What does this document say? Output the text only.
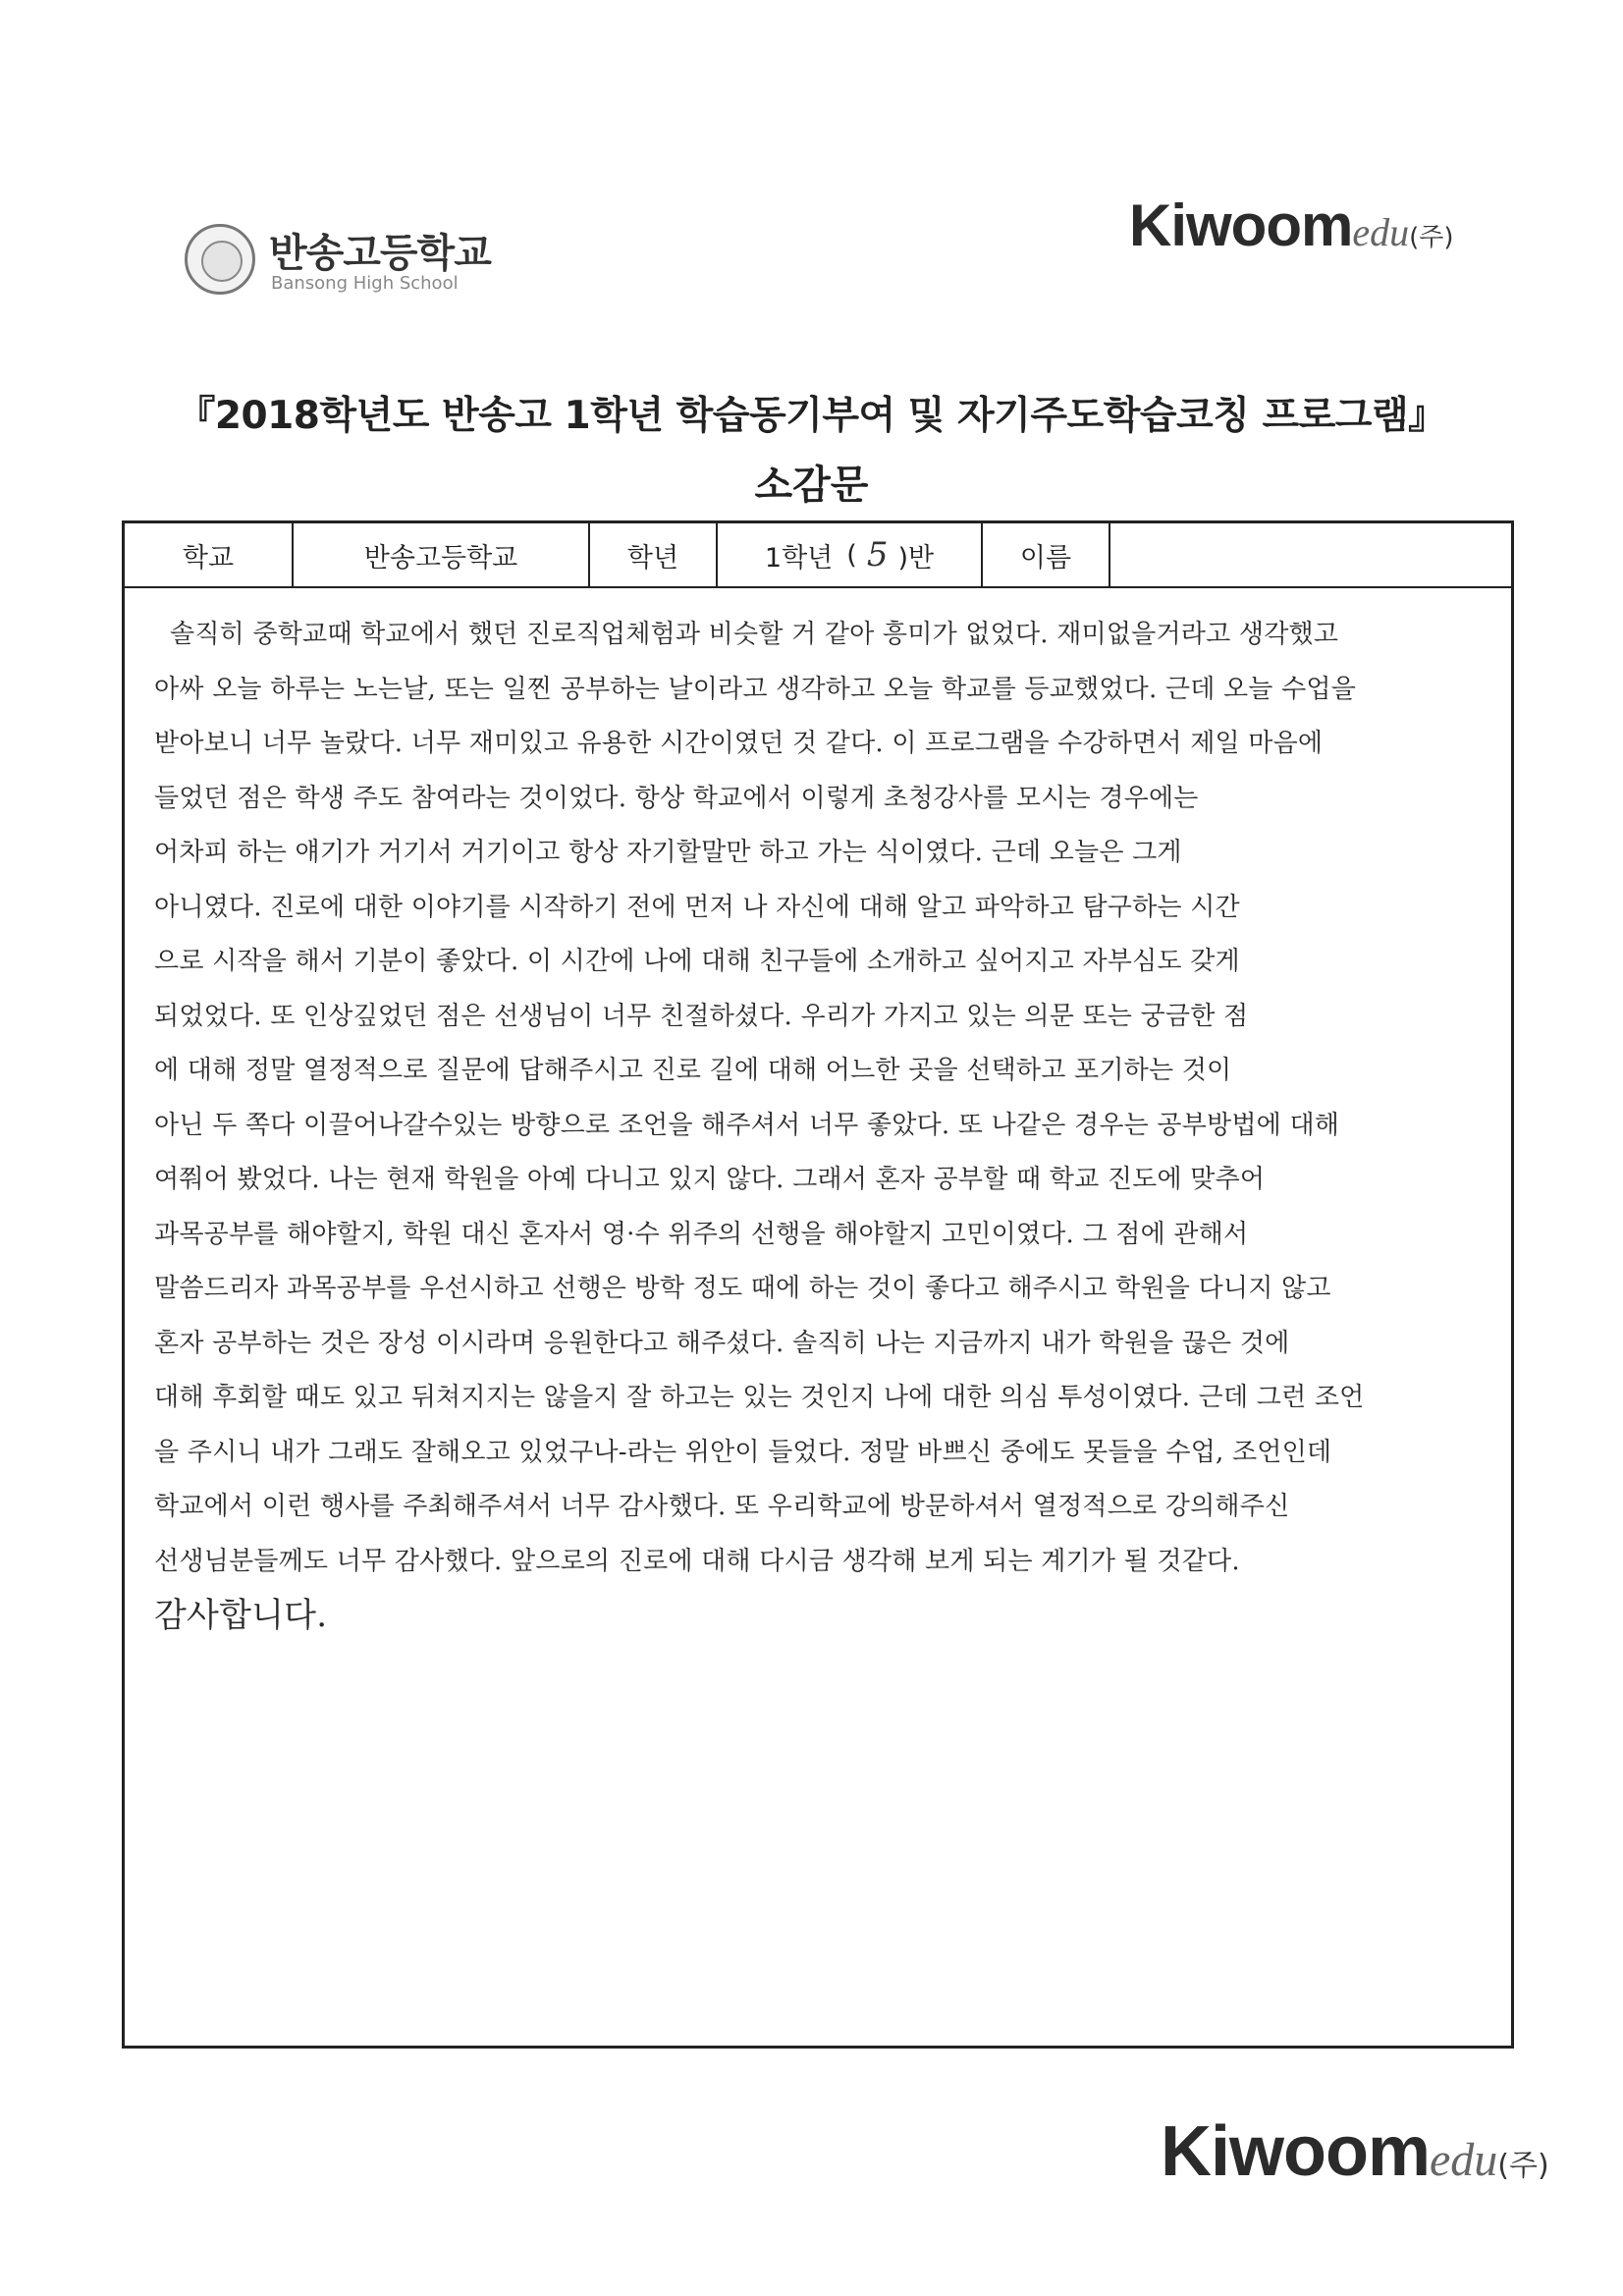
반송고등학교
Bansong High School
Kiwoomedu(주)
『2018학년도 반송고 1학년 학습동기부여 및 자기주도학습코칭 프로그램』
소감문
학교	반송고등학교	학년	1학년 ( 5 )반	이름
솔직히 중학교때 학교에서 했던 진로직업체험과 비슷할 거 같아 흥미가 없었다. 재미없을거라고 생각했고
아싸 오늘 하루는 노는날, 또는 일찐 공부하는 날이라고 생각하고 오늘 학교를 등교했었다. 근데 오늘 수업을
받아보니 너무 놀랐다. 너무 재미있고 유용한 시간이였던 것 같다. 이 프로그램을 수강하면서 제일 마음에
들었던 점은 학생 주도 참여라는 것이었다. 항상 학교에서 이렇게 초청강사를 모시는 경우에는
어차피 하는 얘기가 거기서 거기이고 항상 자기할말만 하고 가는 식이였다. 근데 오늘은 그게
아니였다. 진로에 대한 이야기를 시작하기 전에 먼저 나 자신에 대해 알고 파악하고 탐구하는 시간
으로 시작을 해서 기분이 좋았다. 이 시간에 나에 대해 친구들에 소개하고 싶어지고 자부심도 갖게
되었었다. 또 인상깊었던 점은 선생님이 너무 친절하셨다. 우리가 가지고 있는 의문 또는 궁금한 점
에 대해 정말 열정적으로 질문에 답해주시고 진로 길에 대해 어느한 곳을 선택하고 포기하는 것이
아닌 두 쪽다 이끌어나갈수있는 방향으로 조언을 해주셔서 너무 좋았다. 또 나같은 경우는 공부방법에 대해
여쭤어 봤었다. 나는 현재 학원을 아예 다니고 있지 않다. 그래서 혼자 공부할 때 학교 진도에 맞추어
과목공부를 해야할지, 학원 대신 혼자서 영·수 위주의 선행을 해야할지 고민이였다. 그 점에 관해서
말씀드리자 과목공부를 우선시하고 선행은 방학 정도 때에 하는 것이 좋다고 해주시고 학원을 다니지 않고
혼자 공부하는 것은 장성 이시라며 응원한다고 해주셨다. 솔직히 나는 지금까지 내가 학원을 끊은 것에
대해 후회할 때도 있고 뒤쳐지지는 않을지 잘 하고는 있는 것인지 나에 대한 의심 투성이였다. 근데 그런 조언
을 주시니 내가 그래도 잘해오고 있었구나-라는 위안이 들었다. 정말 바쁘신 중에도 못들을 수업, 조언인데
학교에서 이런 행사를 주최해주셔서 너무 감사했다. 또 우리학교에 방문하셔서 열정적으로 강의해주신
선생님분들께도 너무 감사했다. 앞으로의 진로에 대해 다시금 생각해 보게 되는 계기가 될 것같다.
감사합니다.
Kiwoomedu(주)
